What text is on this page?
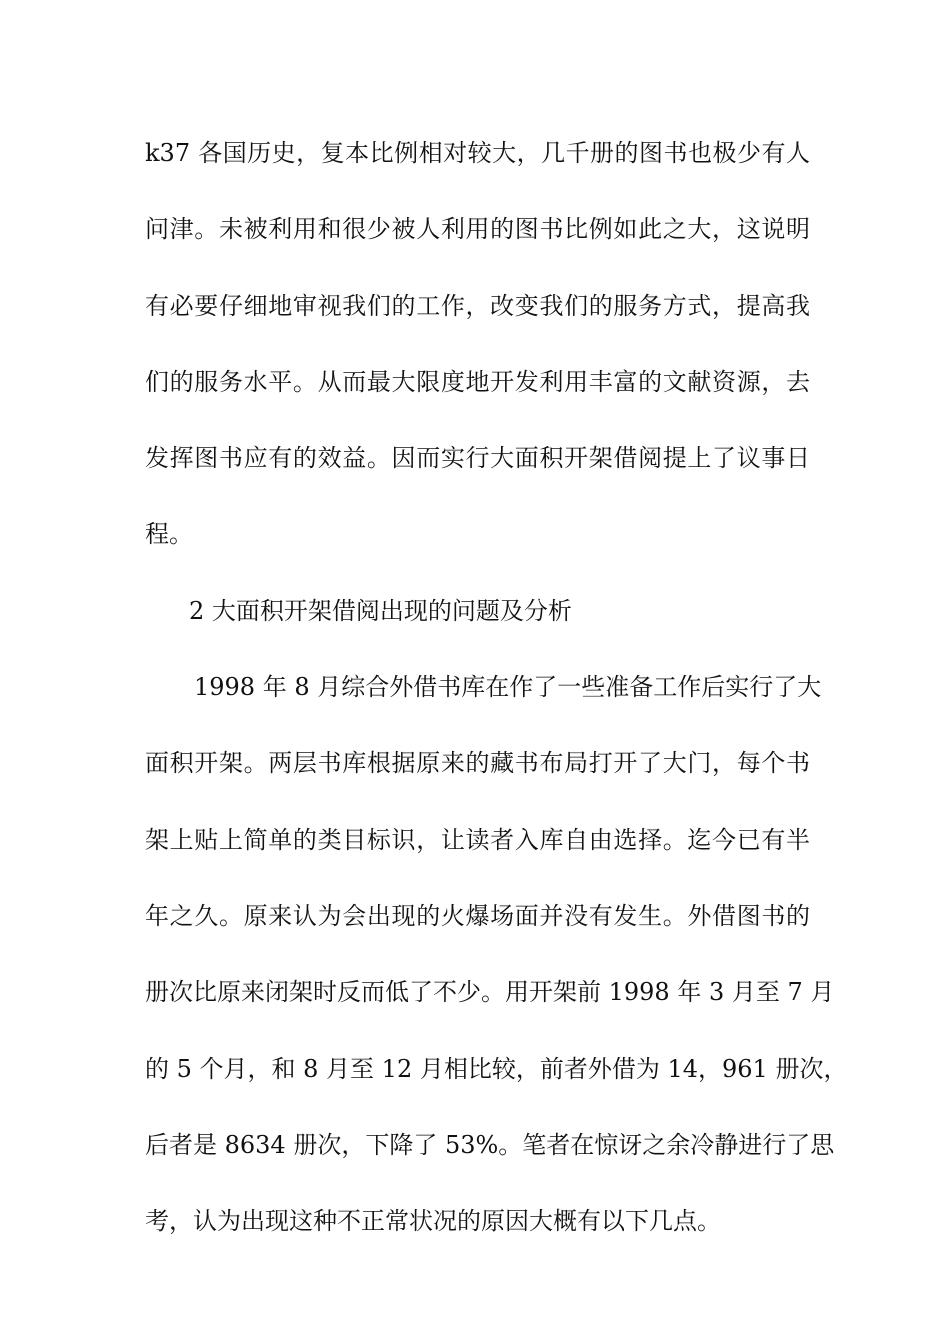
k37 各国历史，复本比例相对较大，几千册的图书也极少有人
问津。未被利用和很少被人利用的图书比例如此之大，这说明
有必要仔细地审视我们的工作，改变我们的服务方式，提高我
们的服务水平。从而最大限度地开发利用丰富的文献资源，去
发挥图书应有的效益。因而实行大面积开架借阅提上了议事日
程。
2 大面积开架借阅出现的问题及分析
1998 年 8 月综合外借书库在作了一些准备工作后实行了大
面积开架。两层书库根据原来的藏书布局打开了大门，每个书
架上贴上简单的类目标识，让读者入库自由选择。迄今已有半
年之久。原来认为会出现的火爆场面并没有发生。外借图书的
册次比原来闭架时反而低了不少。用开架前 1998 年 3 月至 7 月
的 5 个月，和 8 月至 12 月相比较，前者外借为 14，961 册次，
后者是 8634 册次，下降了 53%。笔者在惊讶之余冷静进行了思
考，认为出现这种不正常状况的原因大概有以下几点。
